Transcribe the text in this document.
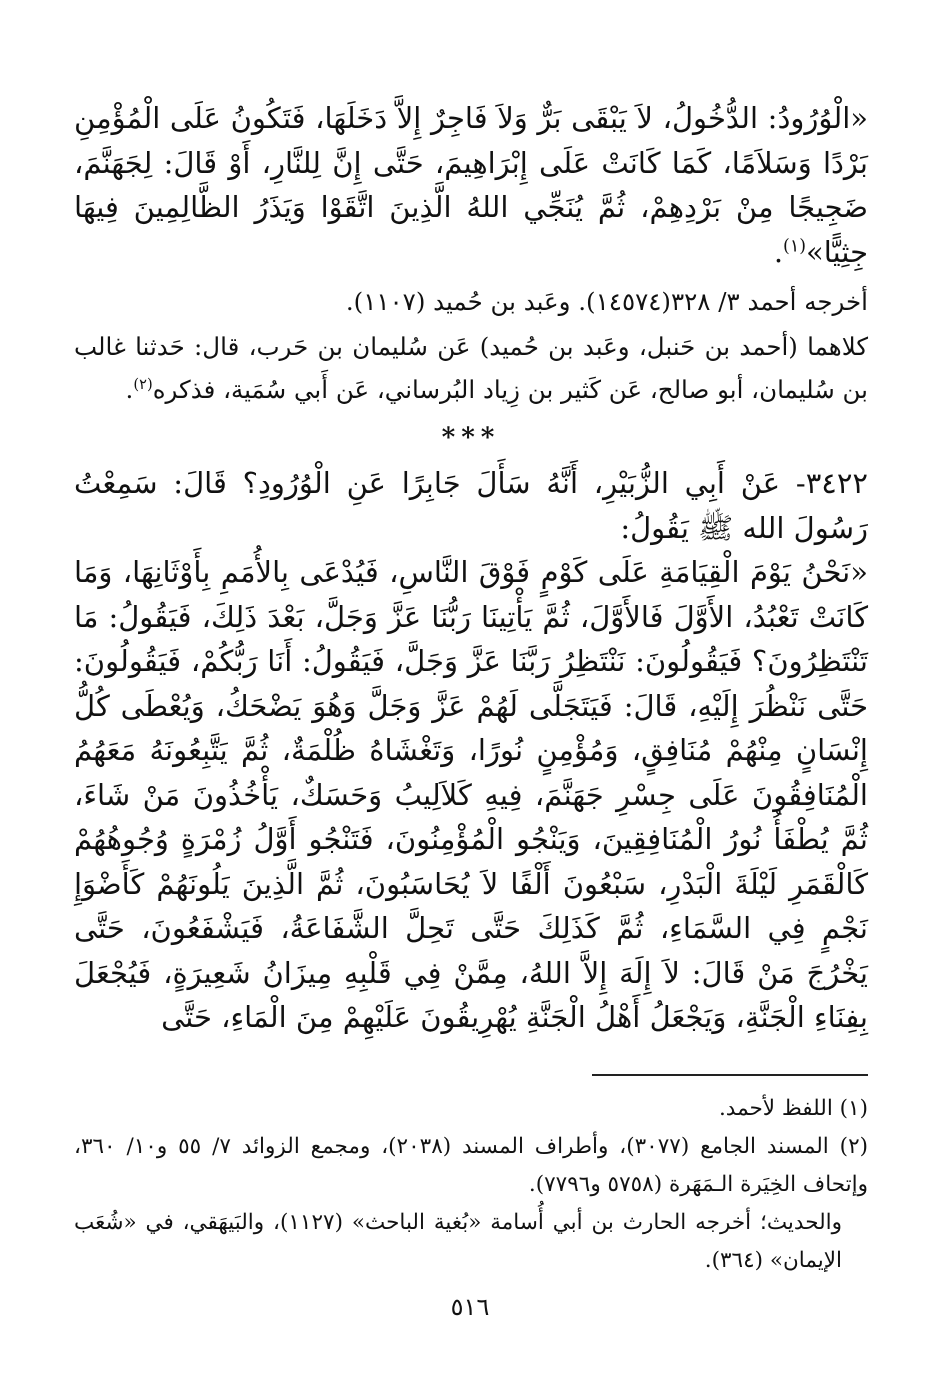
«الْوُرُودُ: الدُّخُولُ، لاَ يَبْقَى بَرٌّ وَلاَ فَاجِرٌ إِلاَّ دَخَلَهَا، فَتَكُونُ عَلَى الْمُؤْمِنِ بَرْدًا وَسَلاَمًا، كَمَا كَانَتْ عَلَى إِبْرَاهِيمَ، حَتَّى إِنَّ لِلنَّارِ، أَوْ قَالَ: لِجَهَنَّمَ، ضَجِيجًا مِنْ بَرْدِهِمْ، ثُمَّ يُنَجِّي اللهُ الَّذِينَ اتَّقَوْا وَيَذَرُ الظَّالِمِينَ فِيهَا جِثِيًّا»$^{(١)}$.

أخرجه أحمد ٣/ ٣٢٨(١٤٥٧٤). وعَبد بن حُميد (١١٠٧).

كلاهما (أحمد بن حَنبل، وعَبد بن حُميد) عَن سُليمان بن حَرب، قال: حَدثنا غالب بن سُليمان، أبو صالح، عَن كَثير بن زِياد البُرساني، عَن أَبي سُمَية، فذكره$^{(٢)}$.

***

٣٤٢٢- عَنْ أَبِي الزُّبَيْرِ، أَنَّهُ سَأَلَ جَابِرًا عَنِ الْوُرُودِ؟ قَالَ: سَمِعْتُ رَسُولَ الله ﷺ يَقُولُ:

«نَحْنُ يَوْمَ الْقِيَامَةِ عَلَى كَوْمٍ فَوْقَ النَّاسِ، فَيُدْعَى بِالأُمَمِ بِأَوْثَانِهَا، وَمَا كَانَتْ تَعْبُدُ، الأَوَّلَ فَالأَوَّلَ، ثُمَّ يَأْتِينَا رَبُّنَا عَزَّ وَجَلَّ، بَعْدَ ذَلِكَ، فَيَقُولُ: مَا تَنْتَظِرُونَ؟ فَيَقُولُونَ: نَنْتَظِرُ رَبَّنَا عَزَّ وَجَلَّ، فَيَقُولُ: أَنَا رَبُّكُمْ، فَيَقُولُونَ: حَتَّى نَنْظُرَ إِلَيْهِ، قَالَ: فَيَتَجَلَّى لَهُمْ عَزَّ وَجَلَّ وَهُوَ يَضْحَكُ، وَيُعْطَى كُلُّ إِنْسَانٍ مِنْهُمْ مُنَافِقٍ، وَمُؤْمِنٍ نُورًا، وَتَغْشَاهُ ظُلْمَةٌ، ثُمَّ يَتَّبِعُونَهُ مَعَهُمُ الْمُنَافِقُونَ عَلَى جِسْرِ جَهَنَّمَ، فِيهِ كَلاَلِيبُ وَحَسَكٌ، يَأْخُذُونَ مَنْ شَاءَ، ثُمَّ يُطْفَأُ نُورُ الْمُنَافِقِينَ، وَيَنْجُو الْمُؤْمِنُونَ، فَتَنْجُو أَوَّلُ زُمْرَةٍ وُجُوهُهُمْ كَالْقَمَرِ لَيْلَةَ الْبَدْرِ، سَبْعُونَ أَلْفًا لاَ يُحَاسَبُونَ، ثُمَّ الَّذِينَ يَلُونَهُمْ كَأَضْوَإِ نَجْمٍ فِي السَّمَاءِ، ثُمَّ كَذَلِكَ حَتَّى تَحِلَّ الشَّفَاعَةُ، فَيَشْفَعُونَ، حَتَّى يَخْرُجَ مَنْ قَالَ: لاَ إِلَهَ إِلاَّ اللهُ، مِمَّنْ فِي قَلْبِهِ مِيزَانُ شَعِيرَةٍ، فَيُجْعَلَ بِفِنَاءِ الْجَنَّةِ، وَيَجْعَلُ أَهْلُ الْجَنَّةِ يُهْرِيقُونَ عَلَيْهِمْ مِنَ الْمَاءِ، حَتَّى

(١) اللفظ لأحمد.

(٢) المسند الجامع (٣٠٧٧)، وأطراف المسند (٢٠٣٨)، ومجمع الزوائد ٧/ ٥٥ و١٠/ ٣٦٠، وإتحاف الخِيَرة الـمَهَرة (٥٧٥٨ و٧٧٩٦).

والحديث؛ أخرجه الحارث بن أبي أُسامة «بُغية الباحث» (١١٢٧)، والبَيهَقي، في «شُعَب الإيمان» (٣٦٤).

٥١٦
